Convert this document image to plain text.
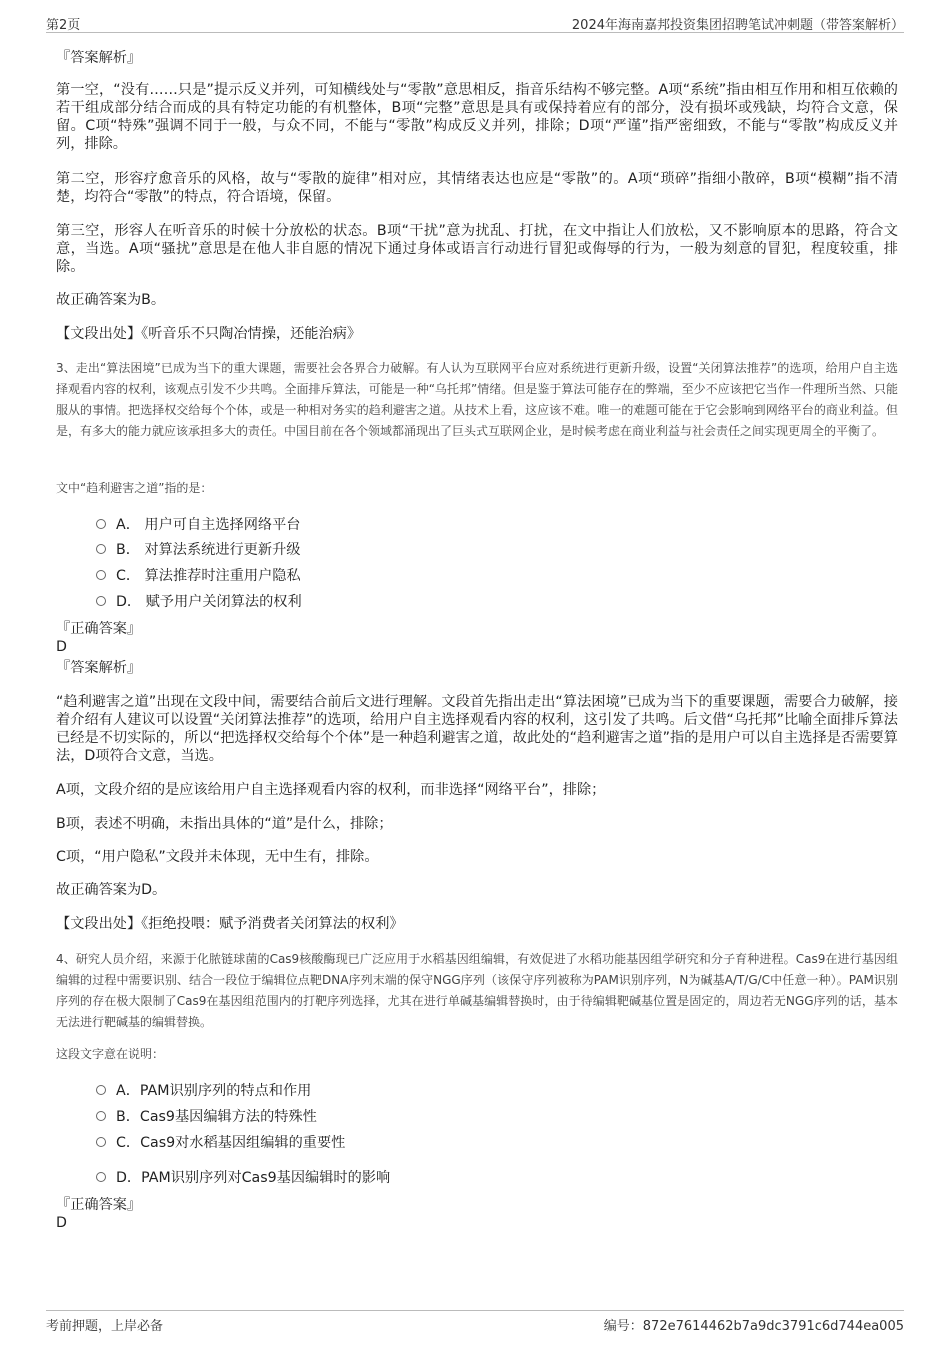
第2页	2024年海南嘉邦投资集团招聘笔试冲刺题（带答案解析）
『答案解析』
第一空，“没有……只是”提示反义并列，可知横线处与“零散”意思相反，指音乐结构不够完整。A项“系统”指由相互作用和相互依赖的若干组成部分结合而成的具有特定功能的有机整体，B项“完整”意思是具有或保持着应有的部分，没有损坏或残缺，均符合文意，保留。C项“特殊”强调不同于一般，与众不同，不能与“零散”构成反义并列，排除；D项“严谨”指严密细致，不能与“零散”构成反义并列，排除。
第二空，形容疗愈音乐的风格，故与“零散的旋律”相对应，其情绪表达也应是“零散”的。A项“琐碎”指细小散碎，B项“模糊”指不清楚，均符合“零散”的特点，符合语境，保留。
第三空，形容人在听音乐的时候十分放松的状态。B项“干扰”意为扰乱、打扰，在文中指让人们放松，又不影响原本的思路，符合文意，当选。A项“骚扰”意思是在他人非自愿的情况下通过身体或语言行动进行冒犯或侮辱的行为，一般为刻意的冒犯，程度较重，排除。
故正确答案为B。
【文段出处】《听音乐不只陶冶情操，还能治病》
3、走出“算法困境”已成为当下的重大课题，需要社会各界合力破解。有人认为互联网平台应对系统进行更新升级，设置“关闭算法推荐”的选项，给用户自主选择观看内容的权利，该观点引发不少共鸣。全面排斥算法，可能是一种“乌托邦”情绪。但是鉴于算法可能存在的弊端，至少不应该把它当作一件理所当然、只能服从的事情。把选择权交给每个个体，或是一种相对务实的趋利避害之道。从技术上看，这应该不难。唯一的难题可能在于它会影响到网络平台的商业利益。但是，有多大的能力就应该承担多大的责任。中国目前在各个领域都涌现出了巨头式互联网企业，是时候考虑在商业利益与社会责任之间实现更周全的平衡了。
文中“趋利避害之道”指的是：
A． 用户可自主选择网络平台
B． 对算法系统进行更新升级
C． 算法推荐时注重用户隐私
D． 赋予用户关闭算法的权利
『正确答案』
D
『答案解析』
“趋利避害之道”出现在文段中间，需要结合前后文进行理解。文段首先指出走出“算法困境”已成为当下的重要课题，需要合力破解，接着介绍有人建议可以设置“关闭算法推荐”的选项，给用户自主选择观看内容的权利，这引发了共鸣。后文借“乌托邦”比喻全面排斥算法已经是不切实际的，所以“把选择权交给每个个体”是一种趋利避害之道，故此处的“趋利避害之道”指的是用户可以自主选择是否需要算法，D项符合文意，当选。
A项，文段介绍的是应该给用户自主选择观看内容的权利，而非选择“网络平台”，排除；
B项，表述不明确，未指出具体的“道”是什么，排除；
C项，“用户隐私”文段并未体现，无中生有，排除。
故正确答案为D。
【文段出处】《拒绝投喂：赋予消费者关闭算法的权利》
4、研究人员介绍，来源于化脓链球菌的Cas9核酸酶现已广泛应用于水稻基因组编辑，有效促进了水稻功能基因组学研究和分子育种进程。Cas9在进行基因组编辑的过程中需要识别、结合一段位于编辑位点靶DNA序列末端的保守NGG序列（该保守序列被称为PAM识别序列，N为碱基A/T/G/C中任意一种）。PAM识别序列的存在极大限制了Cas9在基因组范围内的打靶序列选择，尤其在进行单碱基编辑替换时，由于待编辑靶碱基位置是固定的，周边若无NGG序列的话，基本无法进行靶碱基的编辑替换。
这段文字意在说明：
A．PAM识别序列的特点和作用
B．Cas9基因编辑方法的特殊性
C．Cas9对水稻基因组编辑的重要性
D．PAM识别序列对Cas9基因编辑时的影响
『正确答案』
D
考前押题，上岸必备	编号：872e7614462b7a9dc3791c6d744ea005
